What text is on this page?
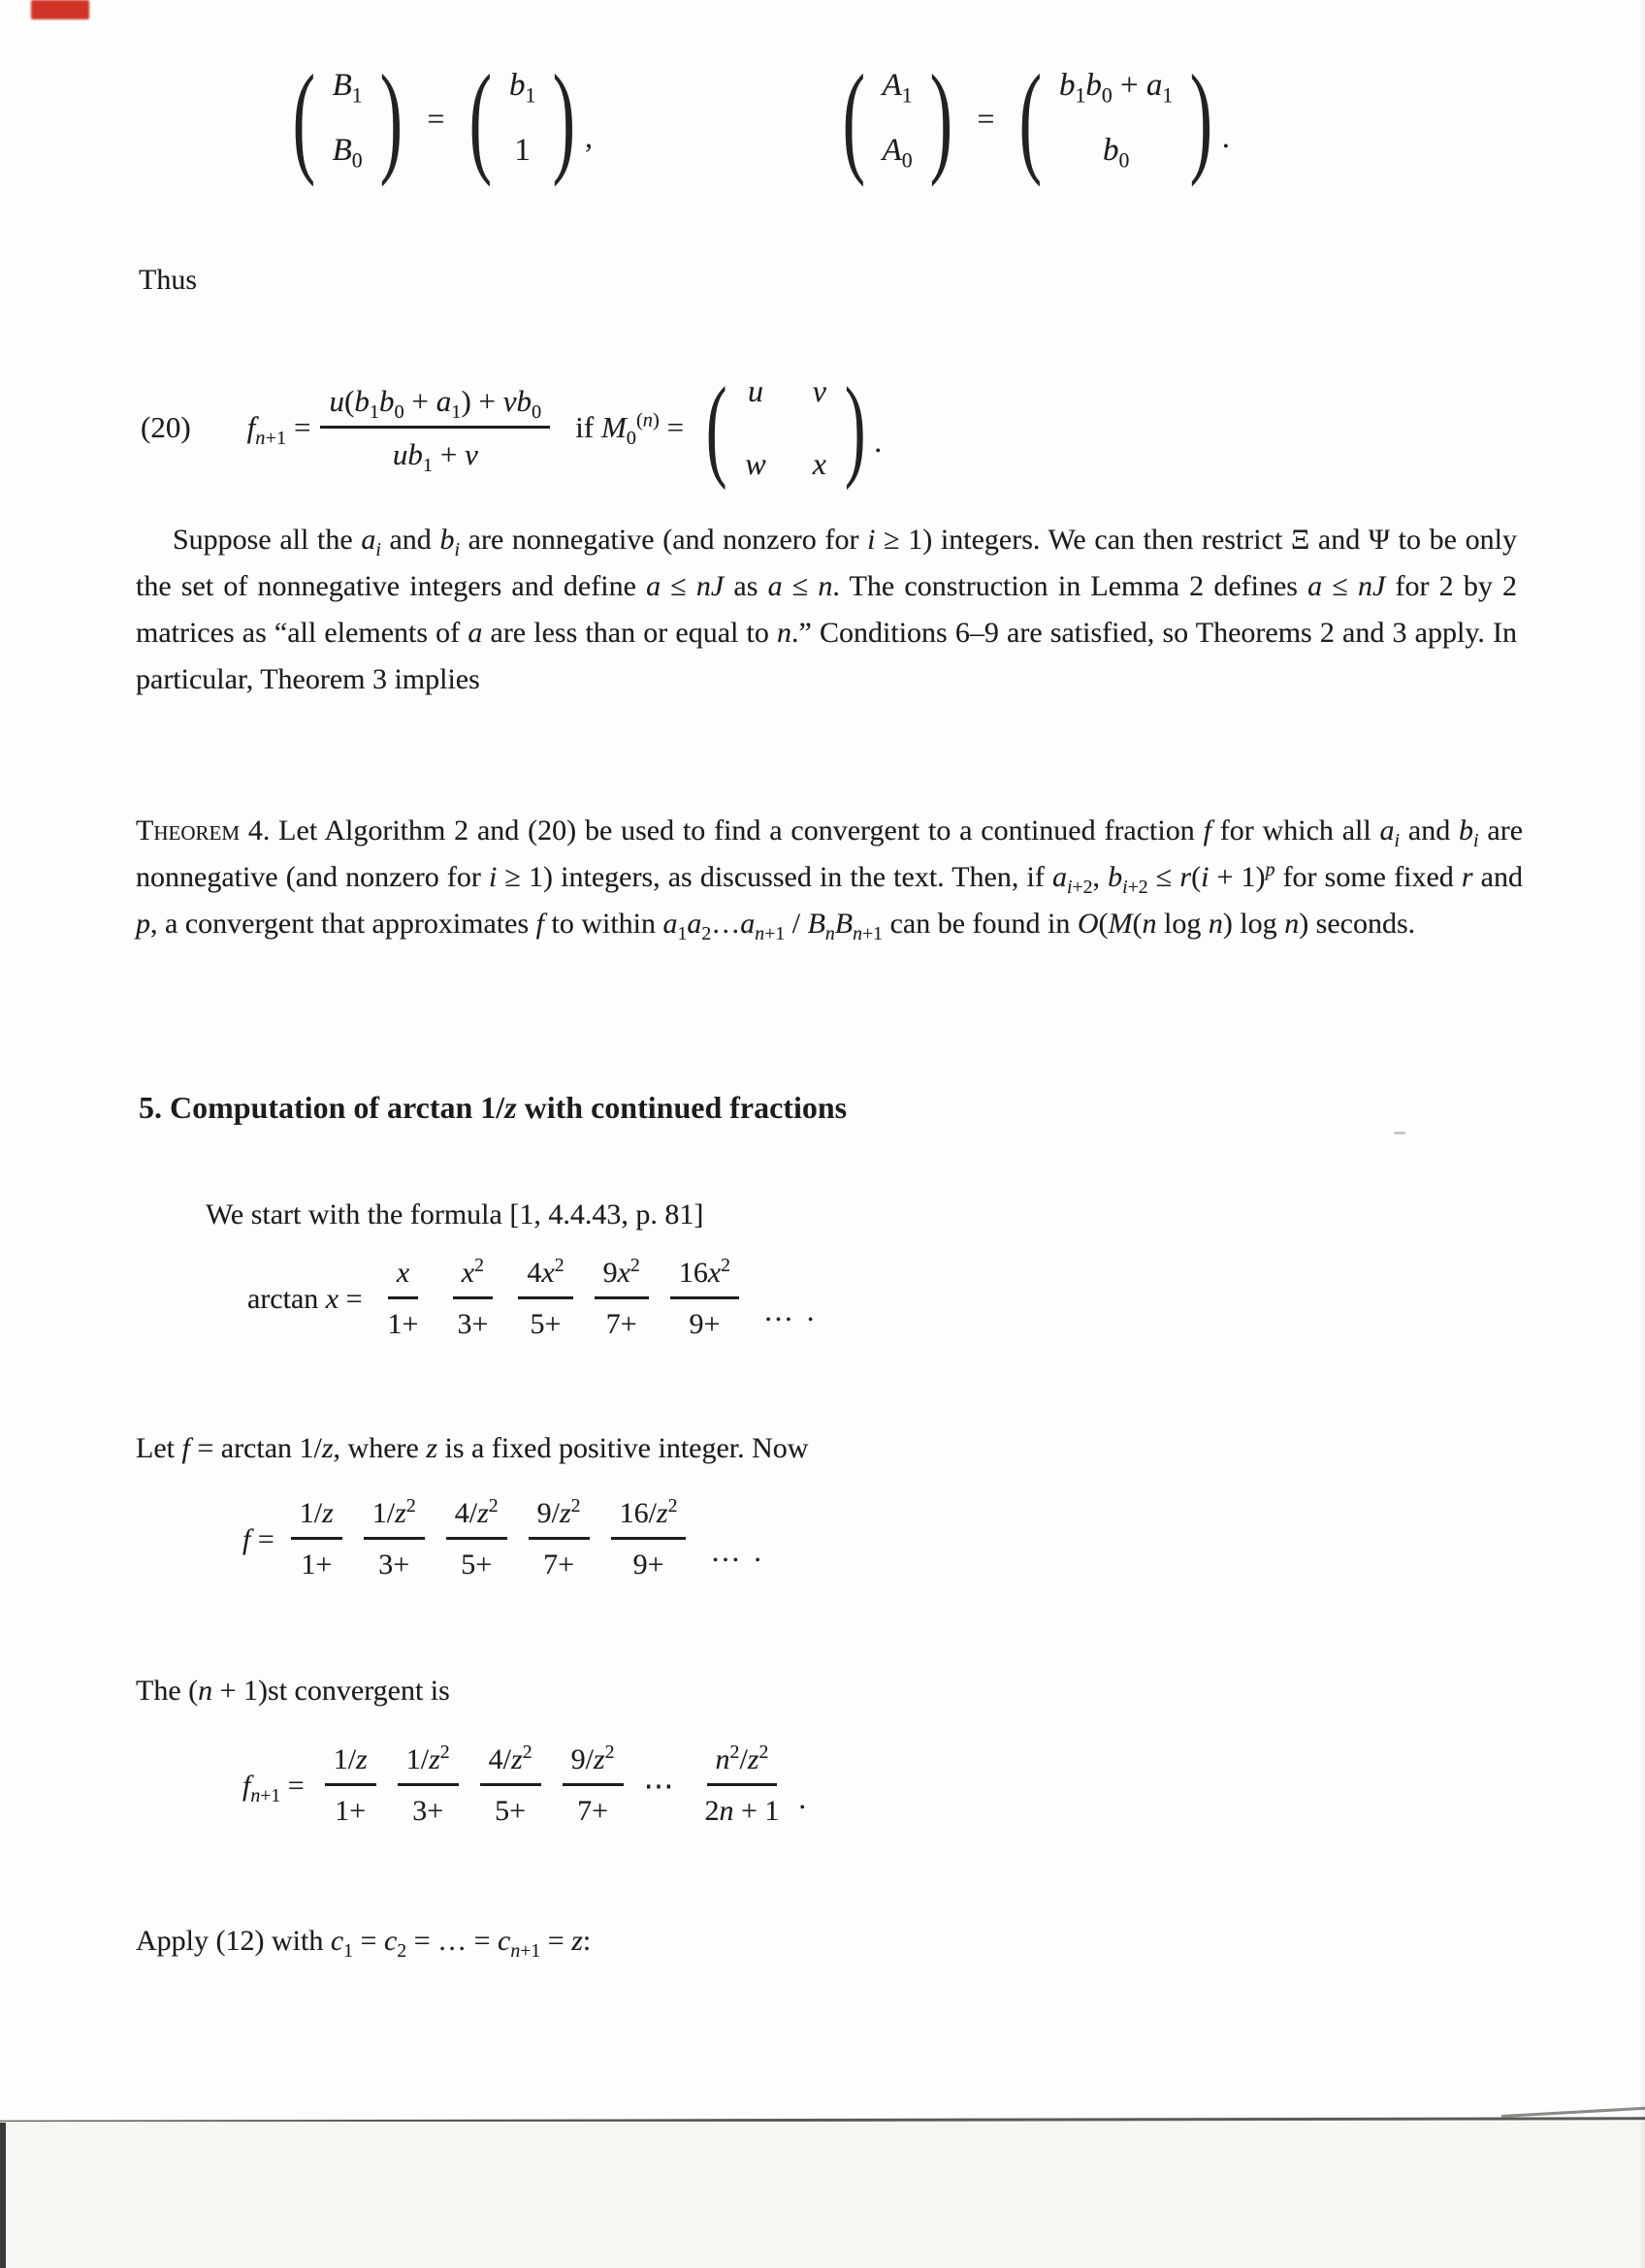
( $B_1$
$B_0$ ) = ( $b_1$
1 ) , ( $A_1$
$A_0$ ) = ( $b_1b_0 + a_1$
$b_0$ ) .
Thus
(20) $f_{n+1} = \frac{u(b_1b_0 + a_1) + vb_0}{ub_1 + v}$ if $M_0^{(n)}$ = ( u v
w x ) .
Suppose all the $a_i$ and $b_i$ are nonnegative (and nonzero for i ≥ 1) integers. We can then restrict Ξ and Ψ to be only the set of nonnegative integers and define a ≤ nJ as a ≤ n. The construction in Lemma 2 defines a ≤ nJ for 2 by 2 matrices as “all elements of a are less than or equal to n.” Conditions 6–9 are satisfied, so Theorems 2 and 3 apply. In particular, Theorem 3 implies
Theorem 4. Let Algorithm 2 and (20) be used to find a convergent to a continued fraction f for which all $a_i$ and $b_i$ are nonnegative (and nonzero for i ≥ 1) integers, as discussed in the text. Then, if $a_{i+2}$, $b_{i+2} \le r(i + 1)^p$ for some fixed r and p, a convergent that approximates f to within $a_1a_2\dots a_{n+1} / B_nB_{n+1}$ can be found in O(M(n log n) log n) seconds.
5. Computation of arctan 1/z with continued fractions
We start with the formula [1, 4.4.43, p. 81]
$\arctan x = \frac{x}{1+} \frac{x^2}{3+} \frac{4x^2}{5+} \frac{9x^2}{7+} \frac{16x^2}{9+}$ … .
Let f = arctan 1/z, where z is a fixed positive integer. Now
$f = \frac{1/z}{1+} \frac{1/z^2}{3+} \frac{4/z^2}{5+} \frac{9/z^2}{7+} \frac{16/z^2}{9+}$ … .
The (n + 1)st convergent is
$f_{n+1} = \frac{1/z}{1+} \frac{1/z^2}{3+} \frac{4/z^2}{5+} \frac{9/z^2}{7+}$ ⋯ $\frac{n^2/z^2}{2n + 1}$ .
Apply (12) with $c_1 = c_2$ = … = $c_{n+1} = z$:
